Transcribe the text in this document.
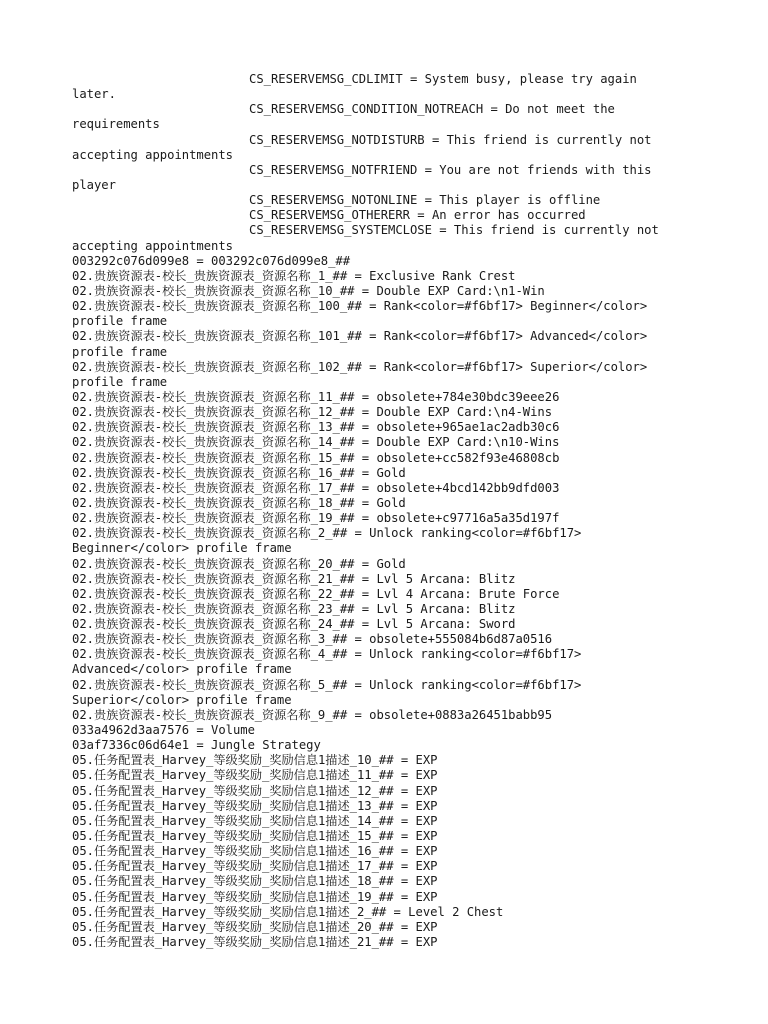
CS_RESERVEMSG_CDLIMIT = System busy, please try again
later.
CS_RESERVEMSG_CONDITION_NOTREACH = Do not meet the
requirements
CS_RESERVEMSG_NOTDISTURB = This friend is currently not
accepting appointments
CS_RESERVEMSG_NOTFRIEND = You are not friends with this
player
CS_RESERVEMSG_NOTONLINE = This player is offline
CS_RESERVEMSG_OTHERERR = An error has occurred
CS_RESERVEMSG_SYSTEMCLOSE = This friend is currently not
accepting appointments
003292c076d099e8 = 003292c076d099e8_##
02.贵族资源表-校长_贵族资源表_资源名称_1_## = Exclusive Rank Crest
02.贵族资源表-校长_贵族资源表_资源名称_10_## = Double EXP Card:\n1-Win
02.贵族资源表-校长_贵族资源表_资源名称_100_## = Rank<color=#f6bf17> Beginner</color>
profile frame
02.贵族资源表-校长_贵族资源表_资源名称_101_## = Rank<color=#f6bf17> Advanced</color>
profile frame
02.贵族资源表-校长_贵族资源表_资源名称_102_## = Rank<color=#f6bf17> Superior</color>
profile frame
02.贵族资源表-校长_贵族资源表_资源名称_11_## = obsolete+784e30bdc39eee26
02.贵族资源表-校长_贵族资源表_资源名称_12_## = Double EXP Card:\n4-Wins
02.贵族资源表-校长_贵族资源表_资源名称_13_## = obsolete+965ae1ac2adb30c6
02.贵族资源表-校长_贵族资源表_资源名称_14_## = Double EXP Card:\n10-Wins
02.贵族资源表-校长_贵族资源表_资源名称_15_## = obsolete+cc582f93e46808cb
02.贵族资源表-校长_贵族资源表_资源名称_16_## = Gold
02.贵族资源表-校长_贵族资源表_资源名称_17_## = obsolete+4bcd142bb9dfd003
02.贵族资源表-校长_贵族资源表_资源名称_18_## = Gold
02.贵族资源表-校长_贵族资源表_资源名称_19_## = obsolete+c97716a5a35d197f
02.贵族资源表-校长_贵族资源表_资源名称_2_## = Unlock ranking<color=#f6bf17>
Beginner</color> profile frame
02.贵族资源表-校长_贵族资源表_资源名称_20_## = Gold
02.贵族资源表-校长_贵族资源表_资源名称_21_## = Lvl 5 Arcana: Blitz
02.贵族资源表-校长_贵族资源表_资源名称_22_## = Lvl 4 Arcana: Brute Force
02.贵族资源表-校长_贵族资源表_资源名称_23_## = Lvl 5 Arcana: Blitz
02.贵族资源表-校长_贵族资源表_资源名称_24_## = Lvl 5 Arcana: Sword
02.贵族资源表-校长_贵族资源表_资源名称_3_## = obsolete+555084b6d87a0516
02.贵族资源表-校长_贵族资源表_资源名称_4_## = Unlock ranking<color=#f6bf17>
Advanced</color> profile frame
02.贵族资源表-校长_贵族资源表_资源名称_5_## = Unlock ranking<color=#f6bf17>
Superior</color> profile frame
02.贵族资源表-校长_贵族资源表_资源名称_9_## = obsolete+0883a26451babb95
033a4962d3aa7576 = Volume
03af7336c06d64e1 = Jungle Strategy
05.任务配置表_Harvey_等级奖励_奖励信息1描述_10_## = EXP
05.任务配置表_Harvey_等级奖励_奖励信息1描述_11_## = EXP
05.任务配置表_Harvey_等级奖励_奖励信息1描述_12_## = EXP
05.任务配置表_Harvey_等级奖励_奖励信息1描述_13_## = EXP
05.任务配置表_Harvey_等级奖励_奖励信息1描述_14_## = EXP
05.任务配置表_Harvey_等级奖励_奖励信息1描述_15_## = EXP
05.任务配置表_Harvey_等级奖励_奖励信息1描述_16_## = EXP
05.任务配置表_Harvey_等级奖励_奖励信息1描述_17_## = EXP
05.任务配置表_Harvey_等级奖励_奖励信息1描述_18_## = EXP
05.任务配置表_Harvey_等级奖励_奖励信息1描述_19_## = EXP
05.任务配置表_Harvey_等级奖励_奖励信息1描述_2_## = Level 2 Chest
05.任务配置表_Harvey_等级奖励_奖励信息1描述_20_## = EXP
05.任务配置表_Harvey_等级奖励_奖励信息1描述_21_## = EXP
